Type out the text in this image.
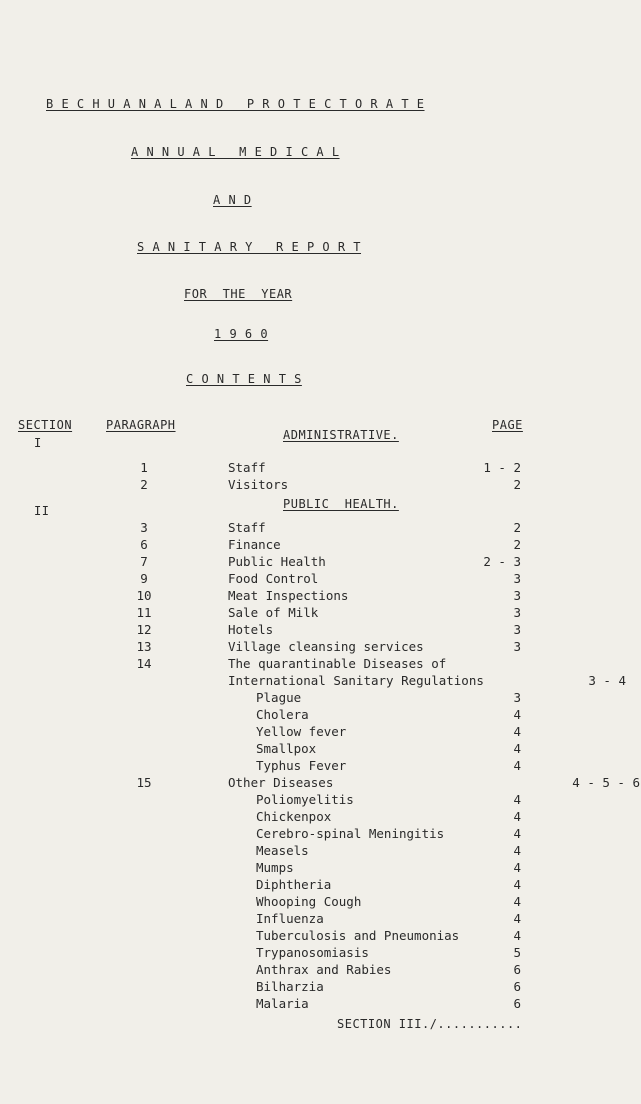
B E C H U A N A L A N D   P R O T E C T O R A T E
A N N U A L   M E D I C A L
A N D
S A N I T A R Y   R E P O R T
FOR  THE  YEAR
1 9 6 0
C O N T E N T S
SECTION	PARAGRAPH	PAGE
I
ADMINISTRATIVE.
II	PUBLIC  HEALTH.
1	Staff	1 - 2
2	Visitors	2
3	Staff	2
6	Finance	2
7	Public Health	2 - 3
9	Food Control	3
10	Meat Inspections	3
11	Sale of Milk	3
12	Hotels	3
13	Village cleansing services	3
14	The quarantinable Diseases of
International Sanitary Regulations	3 - 4
Plague	3
Cholera	4
Yellow fever	4
Smallpox	4
Typhus Fever	4
15	Other Diseases	4 - 5 - 6
Poliomyelitis	4
Chickenpox	4
Cerebro-spinal Meningitis	4
Measels	4
Mumps	4
Diphtheria	4
Whooping Cough	4
Influenza	4
Tuberculosis and Pneumonias	4
Trypanosomiasis	5
Anthrax and Rabies	6
Bilharzia	6
Malaria	6
SECTION III./...........
